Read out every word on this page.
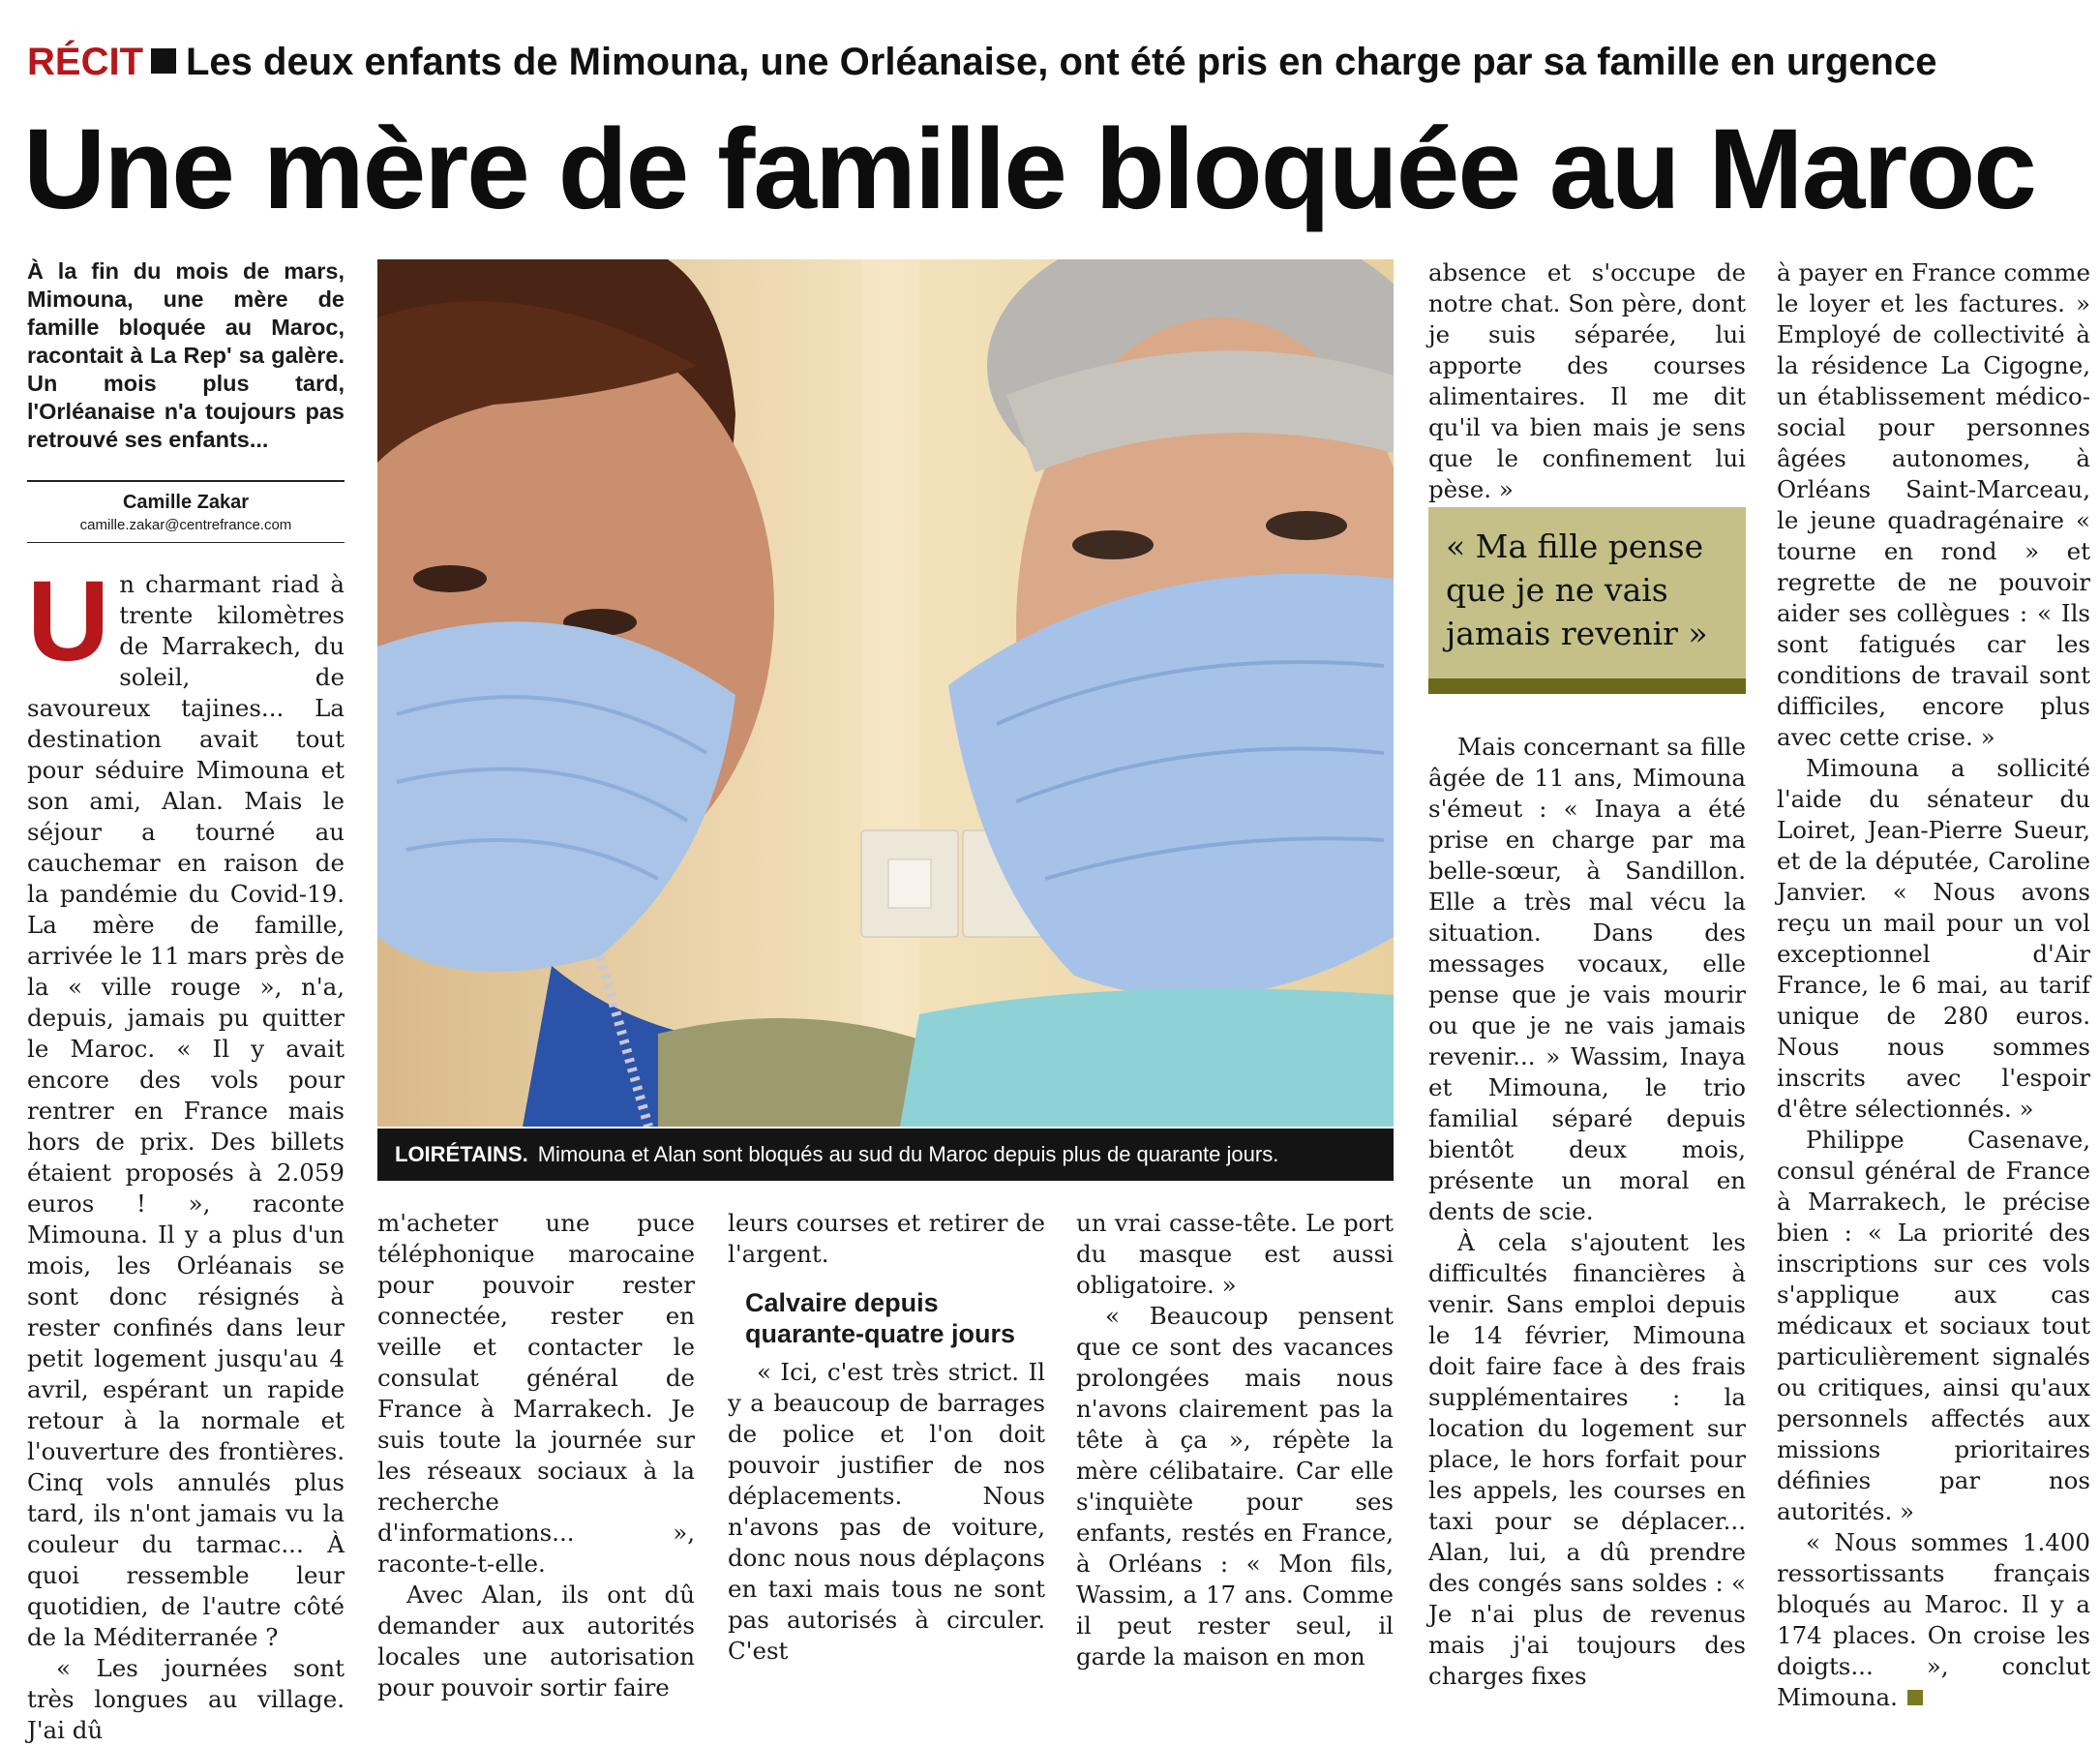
RÉCIT Les deux enfants de Mimouna, une Orléanaise, ont été pris en charge par sa famille en urgence
Une mère de famille bloquée au Maroc
À la fin du mois de mars, Mimouna, une mère de famille bloquée au Maroc, racontait à La Rep' sa galère. Un mois plus tard, l'Orléanaise n'a toujours pas retrouvé ses enfants...
Camille Zakar
camille.zakar@centrefrance.com

Un charmant riad à trente kilomètres de Marrakech, du soleil, de savoureux tajines... La destination avait tout pour séduire Mimouna et son ami, Alan. Mais le séjour a tourné au cauchemar en raison de la pandémie du Covid-19. La mère de famille, arrivée le 11 mars près de la « ville rouge », n'a, depuis, jamais pu quitter le Maroc. « Il y avait encore des vols pour rentrer en France mais hors de prix. Des billets étaient proposés à 2.059 euros ! », raconte Mimouna. Il y a plus d'un mois, les Orléanais se sont donc résignés à rester confinés dans leur petit logement jusqu'au 4 avril, espérant un rapide retour à la normale et l'ouverture des frontières. Cinq vols annulés plus tard, ils n'ont jamais vu la couleur du tarmac... À quoi ressemble leur quotidien, de l'autre côté de la Méditerranée ?

« Les journées sont très longues au village. J'ai dû

LOIRÉTAINS. Mimouna et Alan sont bloqués au sud du Maroc depuis plus de quarante jours.

m'acheter une puce téléphonique marocaine pour pouvoir rester connectée, rester en veille et contacter le consulat général de France à Marrakech. Je suis toute la journée sur les réseaux sociaux à la recherche d'informations... », raconte-t-elle.

Avec Alan, ils ont dû demander aux autorités locales une autorisation pour pouvoir sortir faire

leurs courses et retirer de l'argent.

Calvaire depuis quarante-quatre jours

« Ici, c'est très strict. Il y a beaucoup de barrages de police et l'on doit pouvoir justifier de nos déplacements. Nous n'avons pas de voiture, donc nous nous déplaçons en taxi mais tous ne sont pas autorisés à circuler. C'est

un vrai casse-tête. Le port du masque est aussi obligatoire. »

« Beaucoup pensent que ce sont des vacances prolongées mais nous n'avons clairement pas la tête à ça », répète la mère célibataire. Car elle s'inquiète pour ses enfants, restés en France, à Orléans : « Mon fils, Wassim, a 17 ans. Comme il peut rester seul, il garde la maison en mon

absence et s'occupe de notre chat. Son père, dont je suis séparée, lui apporte des courses alimentaires. Il me dit qu'il va bien mais je sens que le confinement lui pèse. »

« Ma fille pense que je ne vais jamais revenir »

Mais concernant sa fille âgée de 11 ans, Mimouna s'émeut : « Inaya a été prise en charge par ma belle-sœur, à Sandillon. Elle a très mal vécu la situation. Dans des messages vocaux, elle pense que je vais mourir ou que je ne vais jamais revenir... » Wassim, Inaya et Mimouna, le trio familial séparé depuis bientôt deux mois, présente un moral en dents de scie.

À cela s'ajoutent les difficultés financières à venir. Sans emploi depuis le 14 février, Mimouna doit faire face à des frais supplémentaires : la location du logement sur place, le hors forfait pour les appels, les courses en taxi pour se déplacer... Alan, lui, a dû prendre des congés sans soldes : « Je n'ai plus de revenus mais j'ai toujours des charges fixes

à payer en France comme le loyer et les factures. » Employé de collectivité à la résidence La Cigogne, un établissement médico-social pour personnes âgées autonomes, à Orléans Saint-Marceau, le jeune quadragénaire « tourne en rond » et regrette de ne pouvoir aider ses collègues : « Ils sont fatigués car les conditions de travail sont difficiles, encore plus avec cette crise. »

Mimouna a sollicité l'aide du sénateur du Loiret, Jean-Pierre Sueur, et de la députée, Caroline Janvier. « Nous avons reçu un mail pour un vol exceptionnel d'Air France, le 6 mai, au tarif unique de 280 euros. Nous nous sommes inscrits avec l'espoir d'être sélectionnés. »

Philippe Casenave, consul général de France à Marrakech, le précise bien : « La priorité des inscriptions sur ces vols s'applique aux cas médicaux et sociaux tout particulièrement signalés ou critiques, ainsi qu'aux personnels affectés aux missions prioritaires définies par nos autorités. »

« Nous sommes 1.400 ressortissants français bloqués au Maroc. Il y a 174 places. On croise les doigts... », conclut Mimouna.
